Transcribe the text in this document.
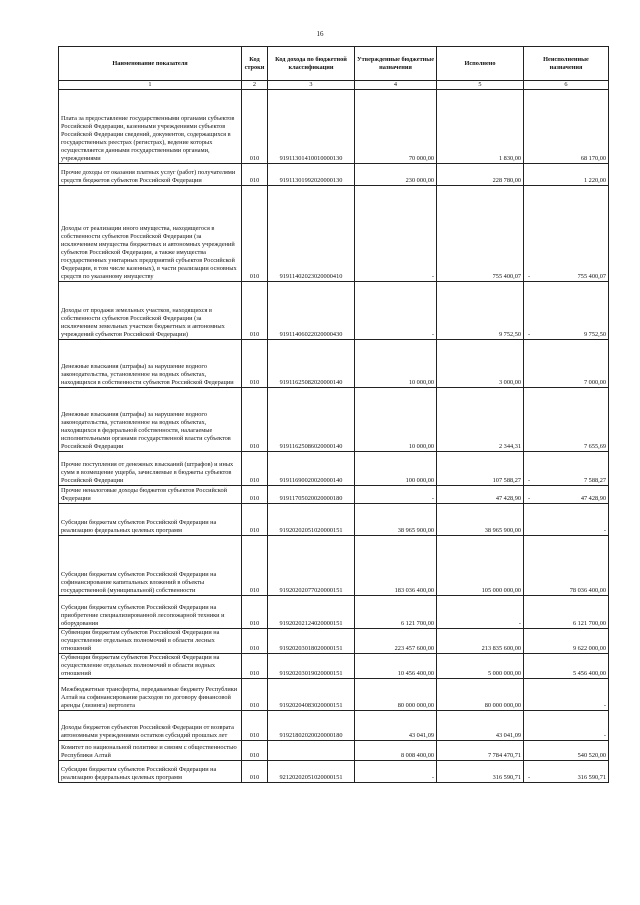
16
Наименование показателя	Код строки	Код дохода по бюджетной классификации	Утвержденные бюджетные назначения	Исполнено	Неисполненные назначения
1	2	3	4	5	6

Плата за предоставление государственными органами субъектов Российской Федерации, казенными учреждениями субъектов Российской Федерации сведений, документов, содержащихся в государственных реестрах (регистрах), ведение которых осуществляется данными государственными органами, учреждениями	010	91911301410010000130	70 000,00	1 830,00	68 170,00

Прочие доходы от оказания платных услуг (работ) получателями средств бюджетов субъектов Российской Федерации	010	91911301992020000130	230 000,00	228 780,00	1 220,00

Доходы от реализации иного имущества, находящегося в собственности субъектов Российской Федерации (за исключением имущества бюджетных и автономных учреждений субъектов Российской Федерации, а также имущества государственных унитарных предприятий субъектов Российской Федерации, в том числе казенных), в части реализации основных средств по указанному имуществу	010	91911402023020000410	-	755 400,07	- 755 400,07

Доходы от продажи земельных участков, находящихся в собственности субъектов Российской Федерации (за исключением земельных участков бюджетных и автономных учреждений субъектов Российской Федерации)	010	91911406022020000430	-	9 752,50	- 9 752,50

Денежные взыскания (штрафы) за нарушение водного законодательства, установленное на водных объектах, находящихся в собственности субъектов Российской Федерации	010	91911625082020000140	10 000,00	3 000,00	7 000,00

Денежные взыскания (штрафы) за нарушение водного законодательства, установленное на водных объектах, находящихся в федеральной собственности, налагаемые исполнительными органами государственной власти субъектов Российской Федерации	010	91911625086020000140	10 000,00	2 344,31	7 655,69

Прочие поступления от денежных взысканий (штрафов) и иных сумм в возмещение ущерба, зачисляемые в бюджеты субъектов Российской Федерации	010	91911690020020000140	100 000,00	107 588,27	- 7 588,27

Прочие неналоговые доходы бюджетов субъектов Российской Федерации	010	91911705020020000180	-	47 428,90	- 47 428,90

Субсидии бюджетам субъектов Российской Федерации на реализацию федеральных целевых программ	010	91920202051020000151	38 965 900,00	38 965 900,00	-

Субсидии бюджетам субъектов Российской Федерации на софинансирование капитальных вложений в объекты государственной (муниципальной) собственности	010	91920202077020000151	183 036 400,00	105 000 000,00	78 036 400,00

Субсидии бюджетам субъектов Российской Федерации на приобретение специализированной лесопожарной техники и оборудования	010	91920202124020000151	6 121 700,00	-	6 121 700,00

Субвенции бюджетам субъектов Российской Федерации на осуществление отдельных полномочий в области лесных отношений	010	91920203018020000151	223 457 600,00	213 835 600,00	9 622 000,00

Субвенции бюджетам субъектов Российской Федерации на осуществление отдельных полномочий в области водных отношений	010	91920203019020000151	10 456 400,00	5 000 000,00	5 456 400,00

Межбюджетные трансферты, передаваемые бюджету Республики Алтай на софинансирование расходов по договору финансовой аренды (лизинга) вертолета	010	91920204083020000151	80 000 000,00	80 000 000,00	-

Доходы бюджетов субъектов Российской Федерации от возврата автономными учреждениями остатков субсидий прошлых лет	010	91921802020020000180	43 041,09	43 041,09	-

Комитет по национальной политике и связям с общественностью Республики Алтай	010		8 008 400,00	7 784 470,71	540 520,00

Субсидии бюджетам субъектов Российской Федерации на реализацию федеральных целевых программ	010	92120202051020000151	-	316 590,71	- 316 590,71
